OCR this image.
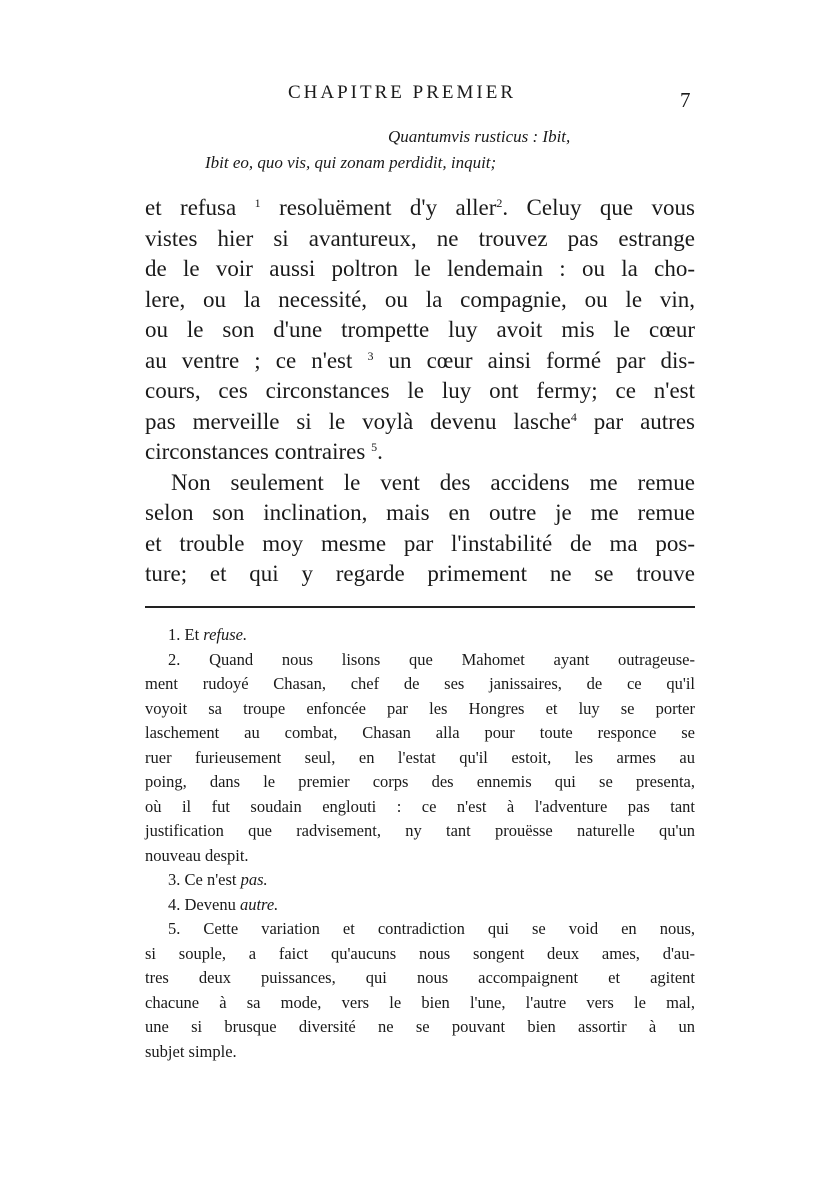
CHAPITRE PREMIER	7
Quantumvis rusticus : Ibit,
Ibit eo, quo vis, qui zonam perdidit, inquit;
et refusa $^1$ resoluëment d'y aller$^2$. Celuy que vous
vistes hier si avantureux, ne trouvez pas estrange
de le voir aussi poltron le lendemain : ou la cho-
lere, ou la necessité, ou la compagnie, ou le vin,
ou le son d'une trompette luy avoit mis le cœur
au ventre ; ce n'est $^3$ un cœur ainsi formé par dis-
cours, ces circonstances le luy ont fermy; ce n'est
pas merveille si le voylà devenu lasche$^4$ par autres
circonstances contraires $^5$.
Non seulement le vent des accidens me remue
selon son inclination, mais en outre je me remue
et trouble moy mesme par l'instabilité de ma pos-
ture; et qui y regarde primement ne se trouve
1. Et refuse.
2. Quand nous lisons que Mahomet ayant outrageuse-
ment rudoyé Chasan, chef de ses janissaires, de ce qu'il
voyoit sa troupe enfoncée par les Hongres et luy se porter
laschement au combat, Chasan alla pour toute responce se
ruer furieusement seul, en l'estat qu'il estoit, les armes au
poing, dans le premier corps des ennemis qui se presenta,
où il fut soudain englouti : ce n'est à l'adventure pas tant
justification que radvisement, ny tant prouësse naturelle qu'un
nouveau despit.
3. Ce n'est pas.
4. Devenu autre.
5. Cette variation et contradiction qui se void en nous,
si souple, a faict qu'aucuns nous songent deux ames, d'au-
tres deux puissances, qui nous accompaignent et agitent
chacune à sa mode, vers le bien l'une, l'autre vers le mal,
une si brusque diversité ne se pouvant bien assortir à un
subjet simple.
